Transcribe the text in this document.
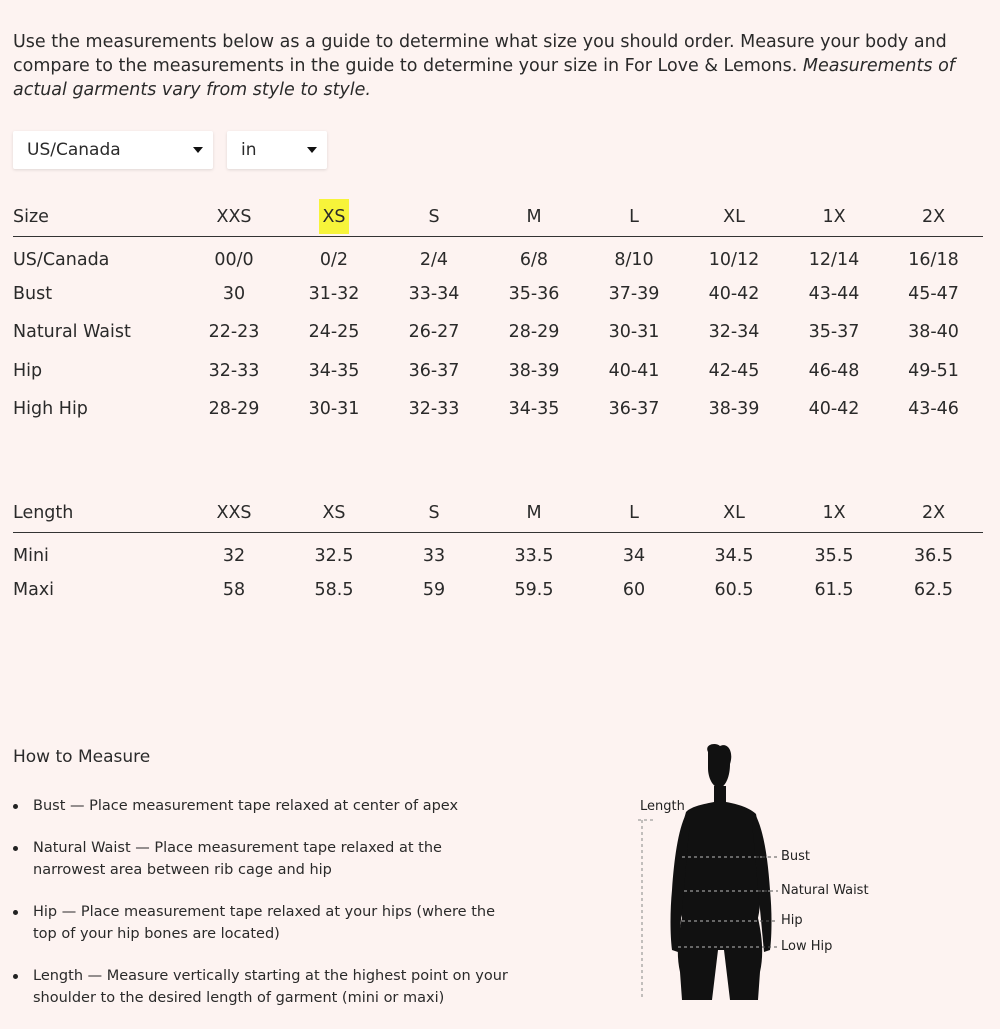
Use the measurements below as a guide to determine what size you should order. Measure your body and compare to the measurements in the guide to determine your size in For Love & Lemons. Measurements of actual garments vary from style to style.

US/Canada	in
Size	XXS	XS	S	M	L	XL	1X	2X
US/Canada	00/0	0/2	2/4	6/8	8/10	10/12	12/14	16/18
Bust	30	31-32	33-34	35-36	37-39	40-42	43-44	45-47
Natural Waist	22-23	24-25	26-27	28-29	30-31	32-34	35-37	38-40
Hip	32-33	34-35	36-37	38-39	40-41	42-45	46-48	49-51
High Hip	28-29	30-31	32-33	34-35	36-37	38-39	40-42	43-46
Length	XXS	XS	S	M	L	XL	1X	2X
Mini	32	32.5	33	33.5	34	34.5	35.5	36.5
Maxi	58	58.5	59	59.5	60	60.5	61.5	62.5
How to Measure
Bust — Place measurement tape relaxed at center of apex
Natural Waist — Place measurement tape relaxed at the narrowest area between rib cage and hip
Hip — Place measurement tape relaxed at your hips (where the top of your hip bones are located)
Length — Measure vertically starting at the highest point on your shoulder to the desired length of garment (mini or maxi)
Length
Bust
Natural Waist
Hip
Low Hip
